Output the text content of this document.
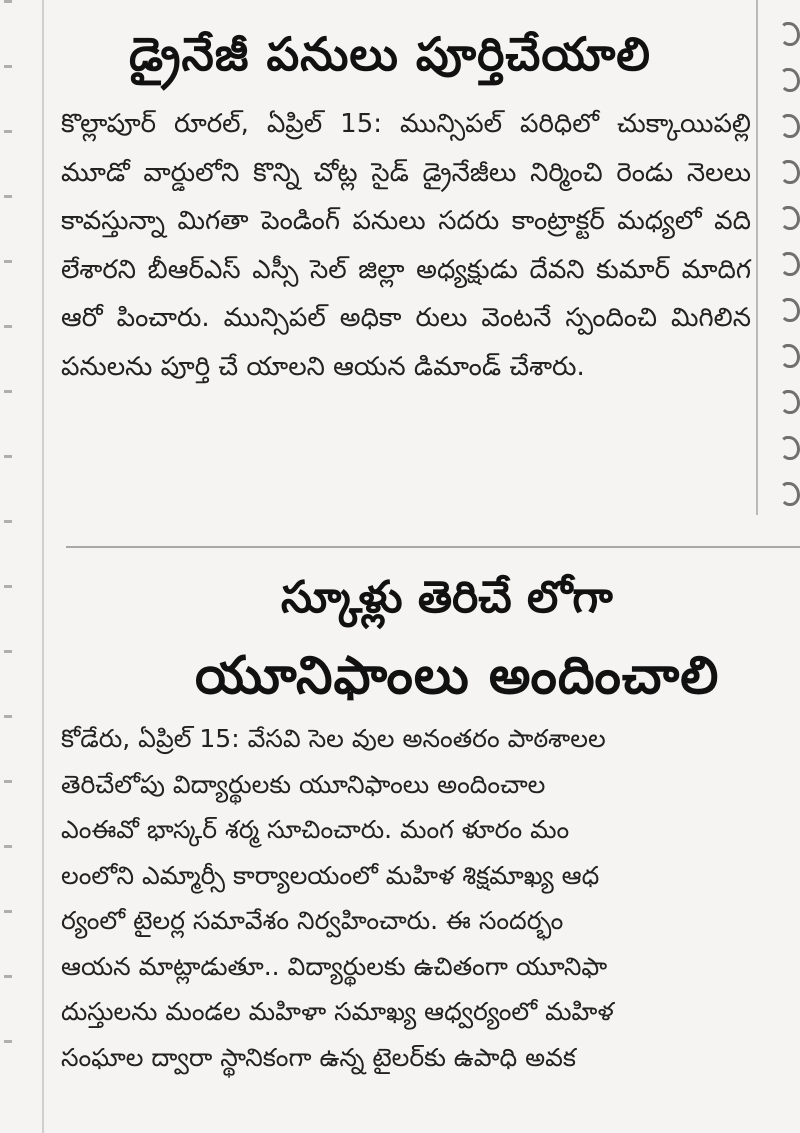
డ్రైనేజీ పనులు పూర్తిచేయాలి
కొల్లాపూర్ రూరల్, ఏప్రిల్ 15: మున్సిపల్ పరిధిలో చుక్కాయిపల్లి మూడో వార్డులోని కొన్ని చోట్ల సైడ్ డ్రైనేజీలు నిర్మించి రెండు నెలలు కావస్తున్నా మిగతా పెండింగ్ పనులు సదరు కాంట్రాక్టర్ మధ్యలో వది లేశారని బీఆర్ఎస్ ఎస్సీ సెల్ జిల్లా అధ్యక్షుడు దేవని కుమార్ మాదిగ ఆరో పించారు. మున్సిపల్ అధికా రులు వెంటనే స్పందించి మిగిలిన పనులను పూర్తి చే యాలని ఆయన డిమాండ్ చేశారు.
స్కూళ్లు తెరిచే లోగా
యూనిఫాంలు అందించాలి
కోడేరు, ఏప్రిల్ 15: వేసవి సెల వుల అనంతరం పాఠశాలల
తెరిచేలోపు విద్యార్థులకు యూనిఫాంలు అందించాల
ఎంఈవో భాస్కర్ శర్మ సూచించారు. మంగ ళూరం మం
లంలోని ఎమ్మార్సీ కార్యాలయంలో మహిళ శిక్షమాఖ్య ఆధ
ర్యంలో టైలర్ల సమావేశం నిర్వహించారు. ఈ సందర్భం
ఆయన మాట్లాడుతూ.. విద్యార్థులకు ఉచితంగా యూనిఫా
దుస్తులను మండల మహిళా సమాఖ్య ఆధ్వర్యంలో మహిళ
సంఘాల ద్వారా స్థానికంగా ఉన్న టైలర్‌కు ఉపాధి అవక
